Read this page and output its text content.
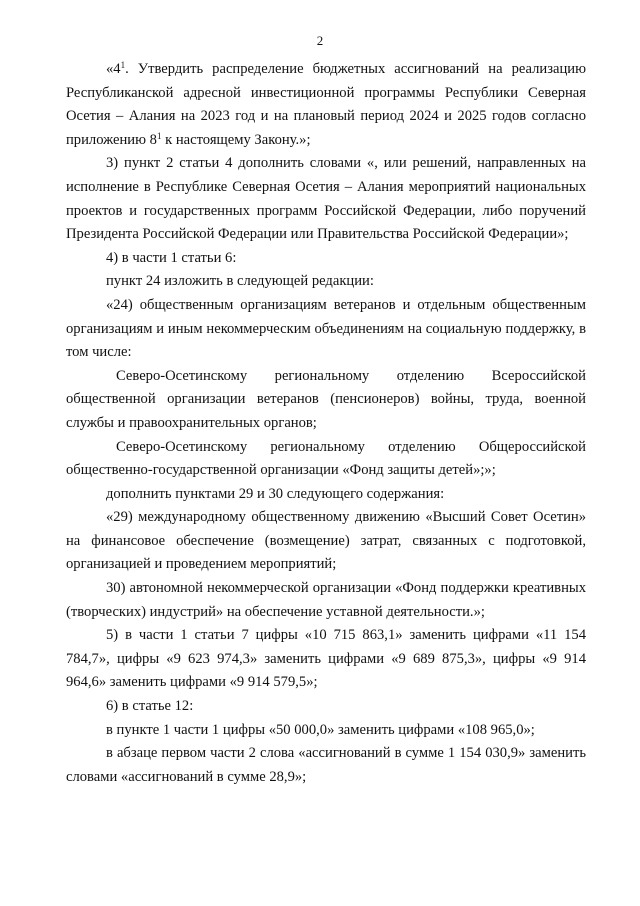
2

«$4^1$. Утвердить распределение бюджетных ассигнований на реализацию Республиканской адресной инвестиционной программы Республики Северная Осетия – Алания на 2023 год и на плановый период 2024 и 2025 годов согласно приложению $8^1$ к настоящему Закону.»;

3) пункт 2 статьи 4 дополнить словами «, или решений, направленных на исполнение в Республике Северная Осетия – Алания мероприятий национальных проектов и государственных программ Российской Федерации, либо поручений Президента Российской Федерации или Правительства Российской Федерации»;

4) в части 1 статьи 6:

пункт 24 изложить в следующей редакции:

«24) общественным организациям ветеранов и отдельным общественным организациям и иным некоммерческим объединениям на социальную поддержку, в том числе:

Северо-Осетинскому региональному отделению Всероссийской общественной организации ветеранов (пенсионеров) войны, труда, военной службы и правоохранительных органов;

Северо-Осетинскому региональному отделению Общероссийской общественно-государственной организации «Фонд защиты детей»;»;

дополнить пунктами 29 и 30 следующего содержания:

«29) международному общественному движению «Высший Совет Осетин» на финансовое обеспечение (возмещение) затрат, связанных с подготовкой, организацией и проведением мероприятий;

30) автономной некоммерческой организации «Фонд поддержки креативных (творческих) индустрий» на обеспечение уставной деятельности.»;

5) в части 1 статьи 7 цифры «10 715 863,1» заменить цифрами «11 154 784,7», цифры «9 623 974,3» заменить цифрами «9 689 875,3», цифры «9 914 964,6» заменить цифрами «9 914 579,5»;

6) в статье 12:

в пункте 1 части 1 цифры «50 000,0» заменить цифрами «108 965,0»;

в абзаце первом части 2 слова «ассигнований в сумме 1 154 030,9» заменить словами «ассигнований в сумме 28,9»;
